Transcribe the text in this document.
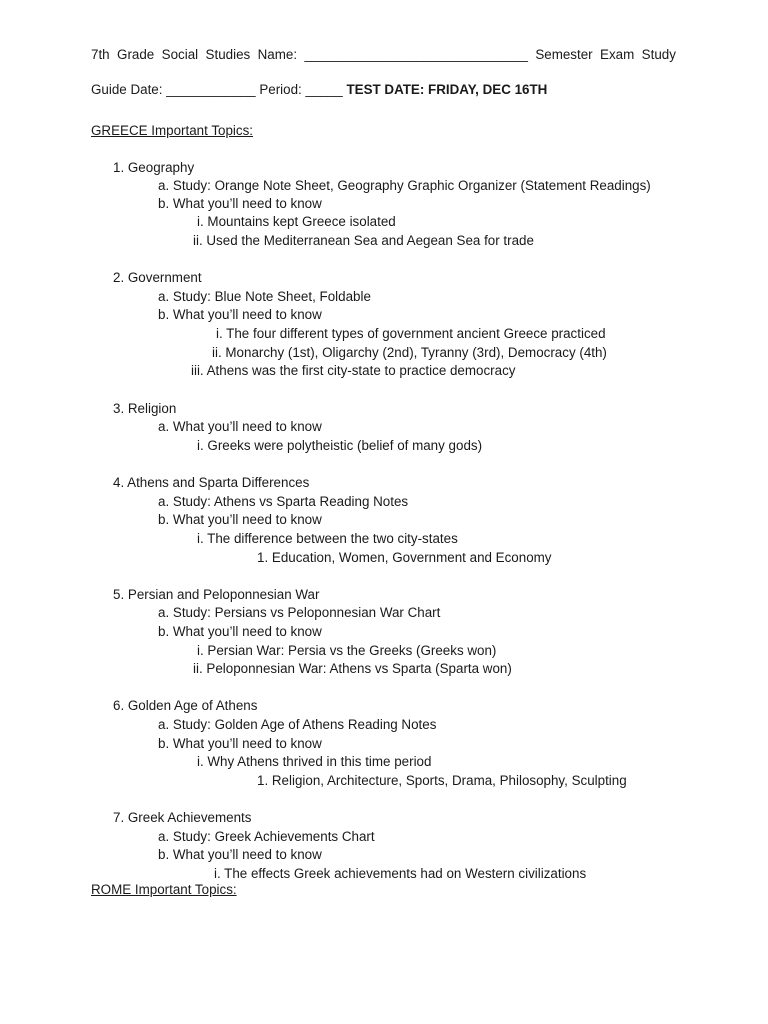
7th Grade Social Studies Name: ______________________________ Semester Exam Study
Guide Date: ____________ Period: _____ TEST DATE: FRIDAY, DEC 16TH
GREECE Important Topics:
1. Geography
a. Study: Orange Note Sheet, Geography Graphic Organizer (Statement Readings)
b. What you’ll need to know
i. Mountains kept Greece isolated
ii. Used the Mediterranean Sea and Aegean Sea for trade
2. Government
a. Study: Blue Note Sheet, Foldable
b. What you’ll need to know
i. The four different types of government ancient Greece practiced
ii. Monarchy (1st), Oligarchy (2nd), Tyranny (3rd), Democracy (4th)
iii. Athens was the first city-state to practice democracy
3. Religion
a. What you’ll need to know
i. Greeks were polytheistic (belief of many gods)
4. Athens and Sparta Differences
a. Study: Athens vs Sparta Reading Notes
b. What you’ll need to know
i. The difference between the two city-states
1. Education, Women, Government and Economy
5. Persian and Peloponnesian War
a. Study: Persians vs Peloponnesian War Chart
b. What you’ll need to know
i. Persian War: Persia vs the Greeks (Greeks won)
ii. Peloponnesian War: Athens vs Sparta (Sparta won)
6. Golden Age of Athens
a. Study: Golden Age of Athens Reading Notes
b. What you’ll need to know
i. Why Athens thrived in this time period
1. Religion, Architecture, Sports, Drama, Philosophy, Sculpting
7. Greek Achievements
a. Study: Greek Achievements Chart
b. What you’ll need to know
i. The effects Greek achievements had on Western civilizations
ROME Important Topics:
